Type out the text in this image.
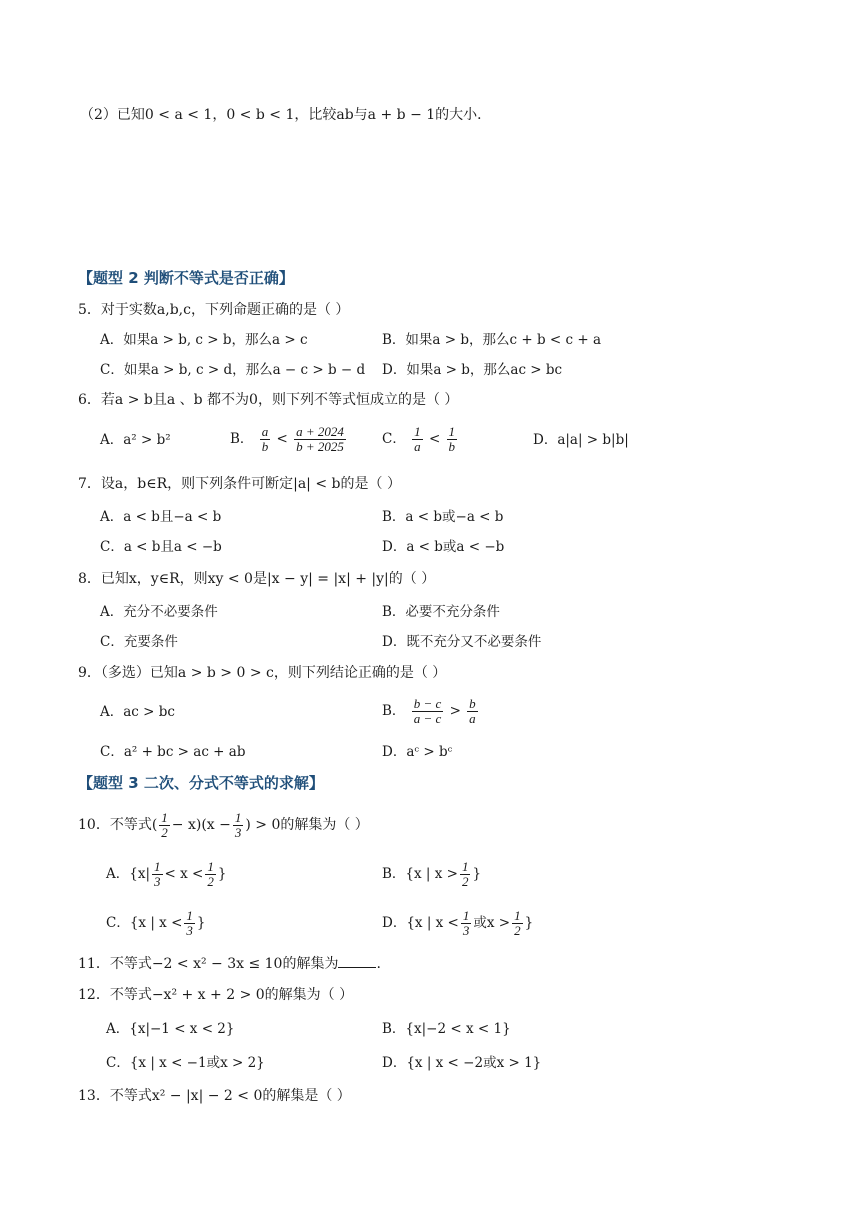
（2）已知0 < a < 1，0 < b < 1，比较ab与a + b − 1的大小．
【题型 2 判断不等式是否正确】
5．对于实数a,b,c，下列命题正确的是（ ）
A．如果a > b, c > b，那么a > c	B．如果a > b，那么c + b < c + a
C．如果a > b, c > d，那么a − c > b − d D．如果a > b，那么ac > bc
6．若a > b且a 、b 都不为0，则下列不等式恒成立的是（ ）
A．a² > b²	B． $\frac{a}{b} < \frac{a + 2024}{b + 2025}$	C． $\frac{1}{a} < \frac{1}{b}$	D．a|a| > b|b|
7．设a，b∈R，则下列条件可断定|a| < b的是（ ）
A．a < b且−a < b	B．a < b或−a < b
C．a < b且a < −b	D．a < b或a < −b
8．已知x，y∈R，则xy < 0是|x − y| = |x| + |y|的（ ）
A．充分不必要条件	B．必要不充分条件
C．充要条件	D．既不充分又不必要条件
9．（多选）已知a > b > 0 > c，则下列结论正确的是（ ）
A．ac > bc	B． $\frac{b - c}{a - c} > \frac{b}{a}$
C．a² + bc > ac + ab	D．aᶜ > bᶜ
【题型 3 二次、分式不等式的求解】
10．不等式( $\frac{1}{2} - x)(x - \frac{1}{3}$ ) > 0的解集为（ ）
A．{$x| \frac{1}{3} < x < \frac{1}{2}$ }	B．{x | $x > \frac{1}{2}$ }
C．{x | $x < \frac{1}{3}$ }	D．{x | $x < \frac{1}{3}$ 或$x > \frac{1}{2}$ }
11．不等式−2 < x² − 3x ≤ 10的解集为	.
12．不等式−x² + x + 2 > 0的解集为（ ）
A．{x|−1 < x < 2}	B．{x|−2 < x < 1}
C．{x | x < −1或x > 2}	D．{x | x < −2或x > 1}
13．不等式x² − |x| − 2 < 0的解集是（ ）
